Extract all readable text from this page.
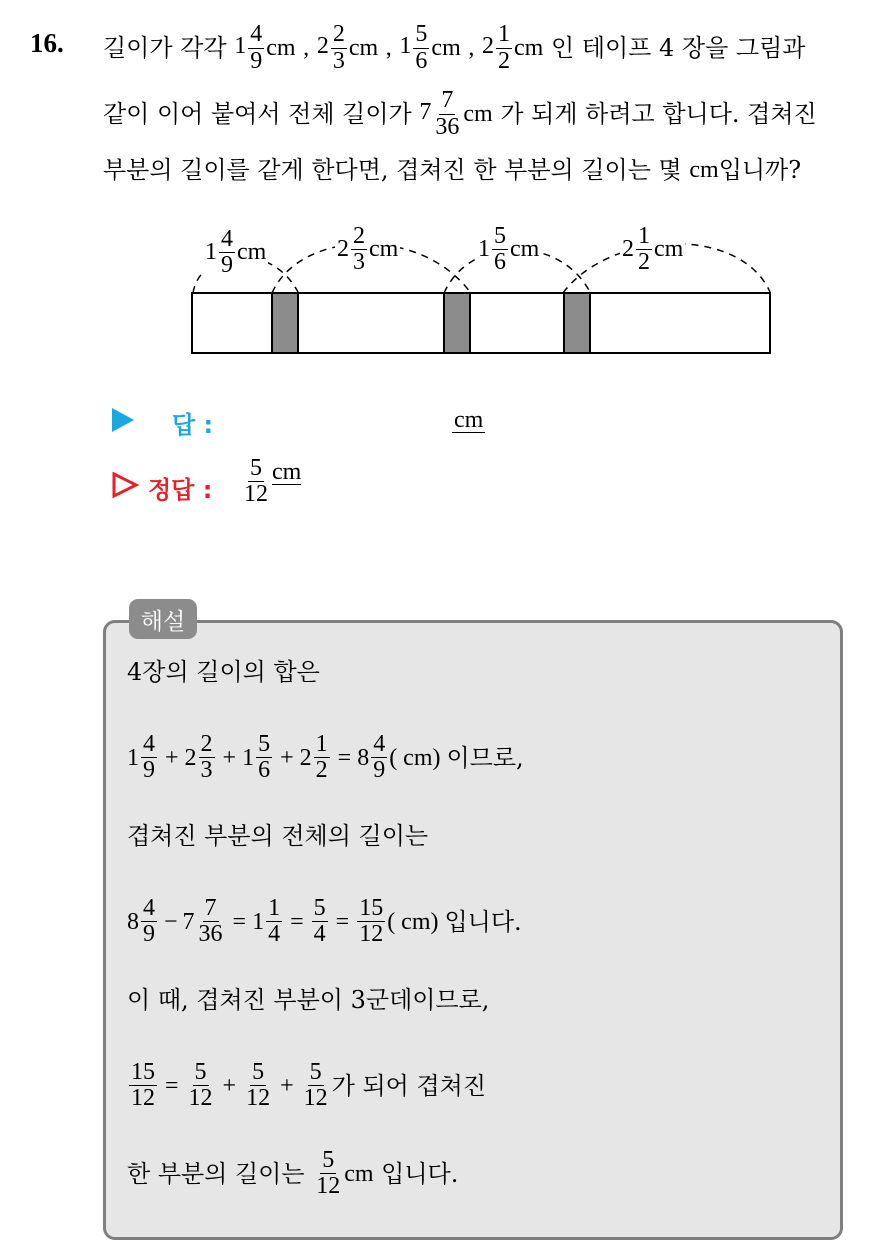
16. 길이가 각각
$1 \frac{4}{9}$ cm
,
$2 \frac{2}{3}$ cm
,
$1 \frac{5}{6}$ cm
,
$2 \frac{1}{2}$ cm
인 테이프 4 장을 그림과
같이 이어 붙여서 전체 길이가
$7 \frac{7}{36}$ cm
가 되게 하려고 합니다. 겹쳐진
부분의 길이를 같게 한다면, 겹쳐진 한 부분의 길이는 몇
cm 입니까?
$1 \frac{4}{9}$ cm	$2 \frac{2}{3}$ cm	$1 \frac{5}{6}$ cm	$2 \frac{1}{2}$ cm
답 :	cm
정답 : $\frac{5}{12}$ cm
해설
4장의 길이의 합은
$1 \frac{4}{9} + 2 \frac{2}{3} + 1 \frac{5}{6} + 2 \frac{1}{2} = 8 \frac{4}{9}$ ( cm)
이므로,
겹쳐진 부분의 전체의 길이는
$8 \frac{4}{9} - 7 \frac{7}{36} = 1 \frac{1}{4} = \frac{5}{4} = \frac{15}{12}$ ( cm)
입니다.
이 때, 겹쳐진 부분이 3군데이므로,
$\frac{15}{12} = \frac{5}{12} + \frac{5}{12} + \frac{5}{12}$ 가 되어 겹쳐진
한 부분의 길이는
$\frac{5}{12}$ cm
입니다.
